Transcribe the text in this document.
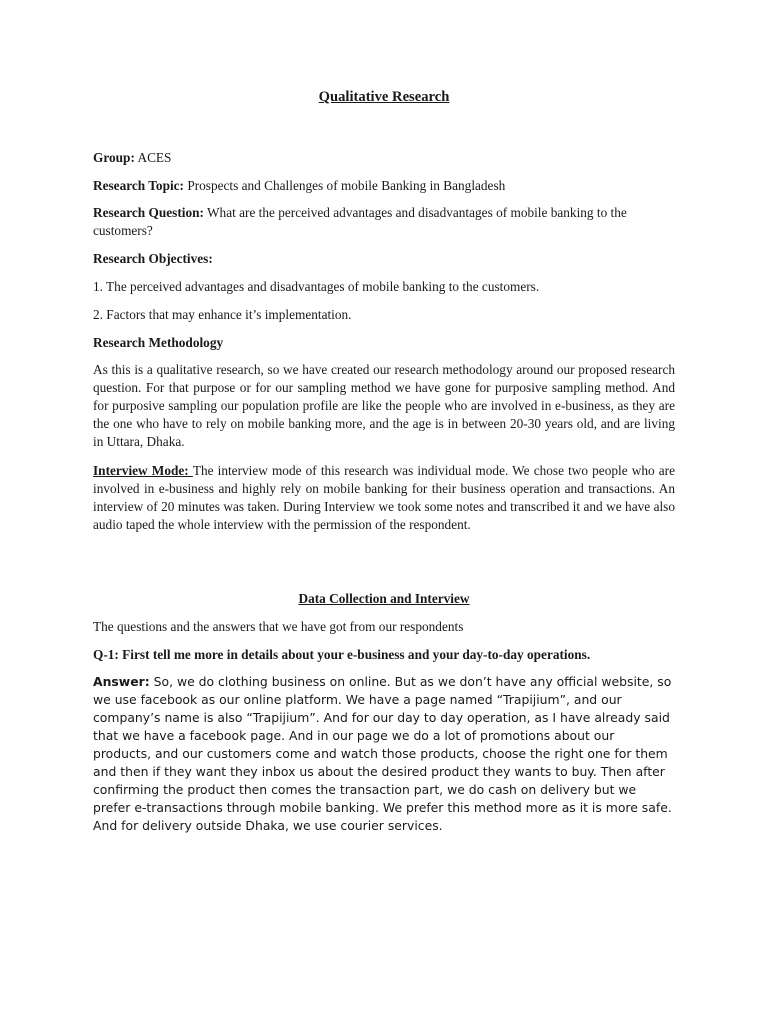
Qualitative Research

Group: ACES

Research Topic: Prospects and Challenges of mobile Banking in Bangladesh

Research Question: What are the perceived advantages and disadvantages of mobile banking to the customers?

Research Objectives:

1. The perceived advantages and disadvantages of mobile banking to the customers.

2. Factors that may enhance it’s implementation.

Research Methodology

As this is a qualitative research, so we have created our research methodology around our proposed research question. For that purpose or for our sampling method we have gone for purposive sampling method. And for purposive sampling our population profile are like the people who are involved in e-business, as they are the one who have to rely on mobile banking more, and the age is in between 20-30 years old, and are living in Uttara, Dhaka.

Interview Mode: The interview mode of this research was individual mode. We chose two people who are involved in e-business and highly rely on mobile banking for their business operation and transactions. An interview of 20 minutes was taken. During Interview we took some notes and transcribed it and we have also audio taped the whole interview with the permission of the respondent.

Data Collection and Interview

The questions and the answers that we have got from our respondents

Q-1: First tell me more in details about your e-business and your day-to-day operations.

Answer: So, we do clothing business on online. But as we don’t have any official website, so we use facebook as our online platform. We have a page named “Trapijium”, and our company’s name is also “Trapijium”. And for our day to day operation, as I have already said that we have a facebook page. And in our page we do a lot of promotions about our products, and our customers come and watch those products, choose the right one for them and then if they want they inbox us about the desired product they wants to buy. Then after confirming the product then comes the transaction part, we do cash on delivery but we prefer e-transactions through mobile banking. We prefer this method more as it is more safe. And for delivery outside Dhaka, we use courier services.
